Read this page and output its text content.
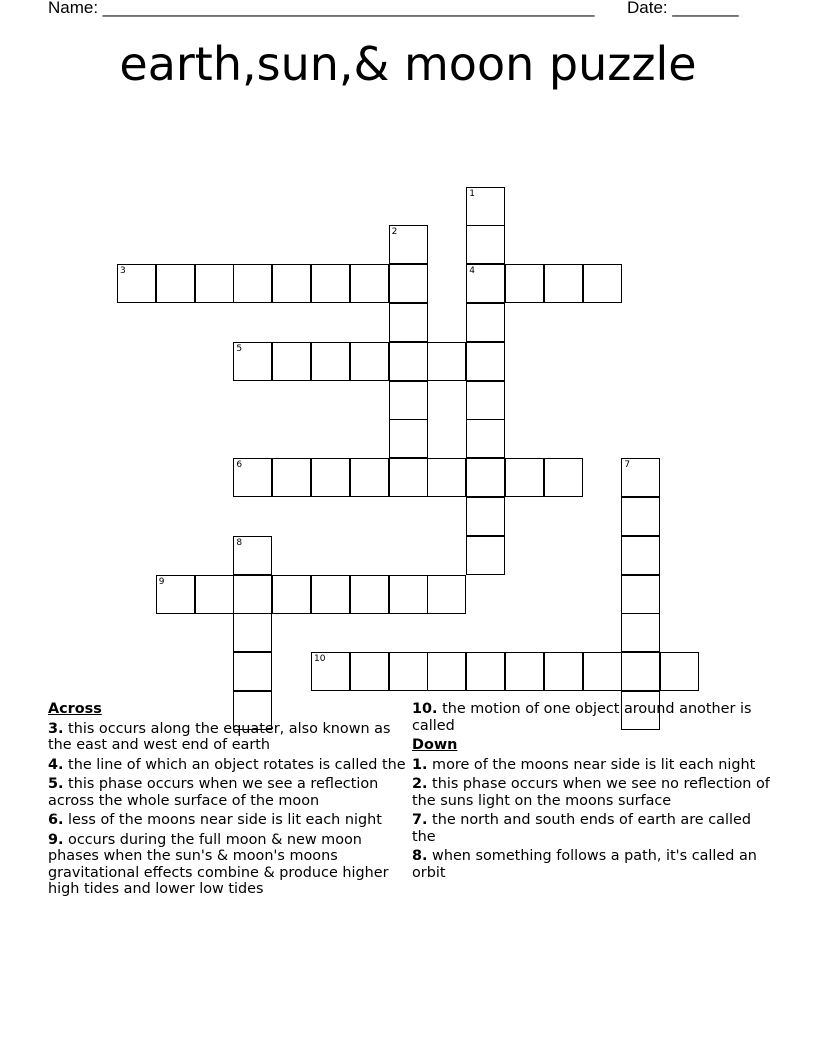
Name: ____________________________________________________ Date: _______
earth,sun,& moon puzzle
1
2
3	4
5
6	7
8
9
10
Across
3. this occurs along the equater, also known as the east and west end of earth
4. the line of which an object rotates is called the
5. this phase occurs when we see a reflection across the whole surface of the moon
6. less of the moons near side is lit each night
9. occurs during the full moon & new moon phases when the sun's & moon's moons gravitational effects combine & produce higher high tides and lower low tides
10. the motion of one object around another is called
Down
1. more of the moons near side is lit each night
2. this phase occurs when we see no reflection of the suns light on the moons surface
7. the north and south ends of earth are called the
8. when something follows a path, it's called an orbit
